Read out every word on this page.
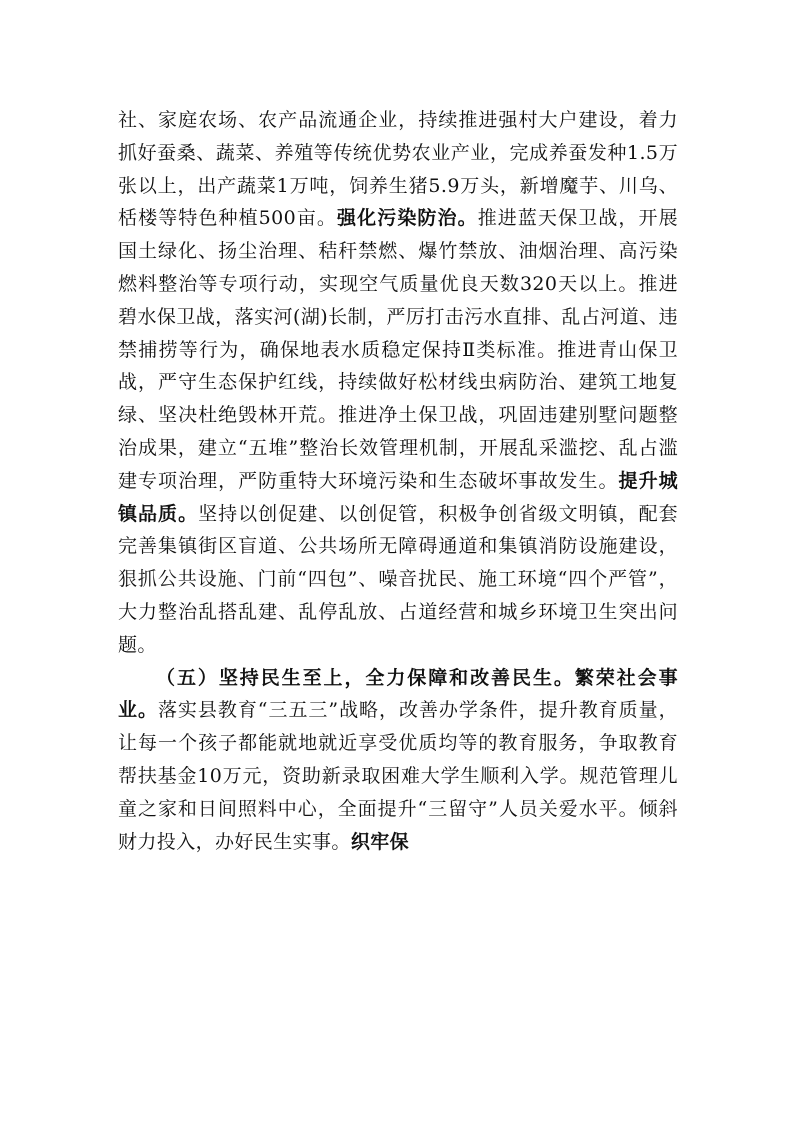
社、家庭农场、农产品流通企业，持续推进强村大户建设，着力抓好蚕桑、蔬菜、养殖等传统优势农业产业，完成养蚕发种1.5万张以上，出产蔬菜1万吨，饲养生猪5.9万头，新增魔芋、川乌、栝楼等特色种植500亩。强化污染防治。推进蓝天保卫战，开展国土绿化、扬尘治理、秸秆禁燃、爆竹禁放、油烟治理、高污染燃料整治等专项行动，实现空气质量优良天数320天以上。推进碧水保卫战，落实河(湖)长制，严厉打击污水直排、乱占河道、违禁捕捞等行为，确保地表水质稳定保持Ⅱ类标准。推进青山保卫战，严守生态保护红线，持续做好松材线虫病防治、建筑工地复绿、坚决杜绝毁林开荒。推进净土保卫战，巩固违建别墅问题整治成果，建立“五堆”整治长效管理机制，开展乱采滥挖、乱占滥建专项治理，严防重特大环境污染和生态破坏事故发生。提升城镇品质。坚持以创促建、以创促管，积极争创省级文明镇，配套完善集镇街区盲道、公共场所无障碍通道和集镇消防设施建设，狠抓公共设施、门前“四包”、噪音扰民、施工环境“四个严管”，大力整治乱搭乱建、乱停乱放、占道经营和城乡环境卫生突出问题。

（五）坚持民生至上，全力保障和改善民生。繁荣社会事业。落实县教育“三五三”战略，改善办学条件，提升教育质量，让每一个孩子都能就地就近享受优质均等的教育服务，争取教育帮扶基金10万元，资助新录取困难大学生顺利入学。规范管理儿童之家和日间照料中心，全面提升“三留守”人员关爱水平。倾斜财力投入，办好民生实事。织牢保
